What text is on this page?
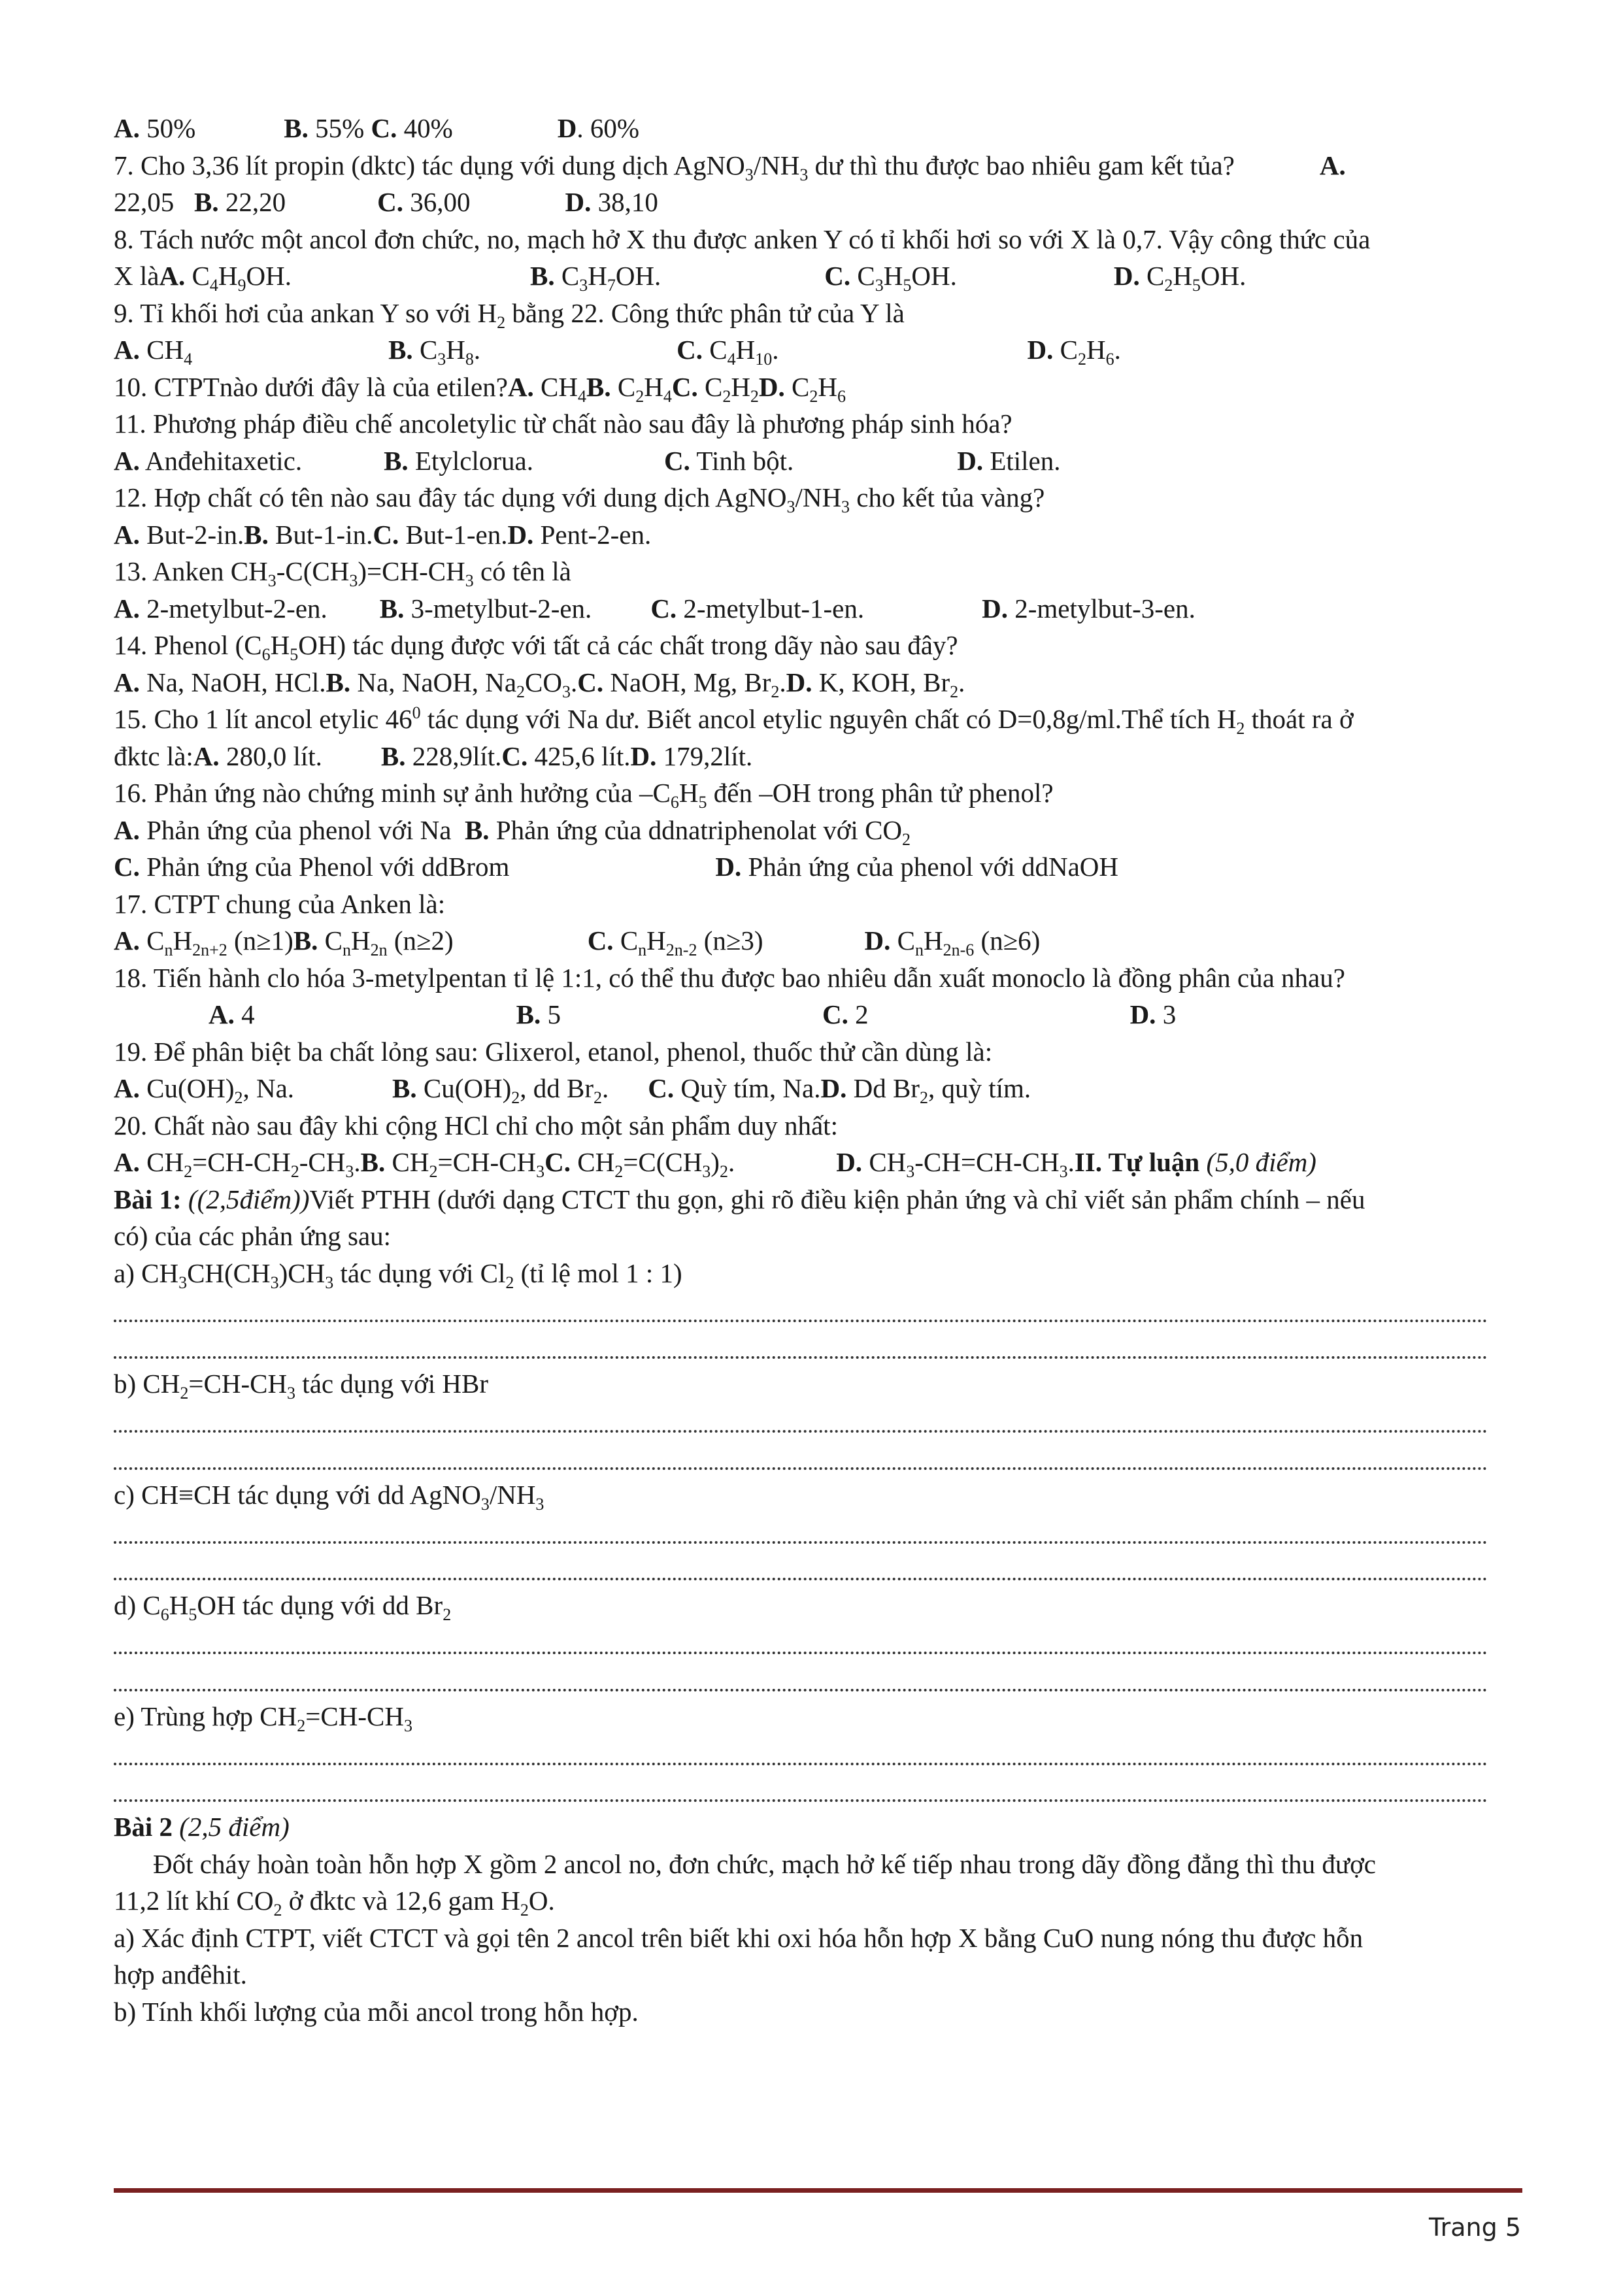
A. 50%	B. 55% C. 40%	D. 60%
7. Cho 3,36 lít propin (dktc) tác dụng với dung dịch $AgNO_3/NH_3$ dư thì thu được bao nhiêu gam kết tủa?	A.
22,05 B. 22,20	C. 36,00	D. 38,10
8. Tách nước một ancol đơn chức, no, mạch hở X thu được anken Y có tỉ khối hơi so với X là 0,7. Vậy công thức của
X làA. $C_4H_9OH$.	B. $C_3H_7OH$.	C. $C_3H_5OH$.	D. $C_2H_5OH$.
9. Tỉ khối hơi của ankan Y so với $H_2$ bằng 22. Công thức phân tử của Y là
A. $CH_4$	B. $C_3H_8$.	C. $C_4H_{10}$.	D. $C_2H_6$.
10. CTPTnào dưới đây là của etilen?A. $CH_4B$. $C_2H_4C$. $C_2H_2D$. $C_2H_6$
11. Phương pháp điều chế ancoletylic từ chất nào sau đây là phương pháp sinh hóa?
A. Anđehitaxetic.	B. Etylclorua.	C. Tinh bột.	D. Etilen.
12. Hợp chất có tên nào sau đây tác dụng với dung dịch $AgNO_3/NH_3$ cho kết tủa vàng?
A. But-2-in.B. But-1-in.C. But-1-en.D. Pent-2-en.
13. Anken $CH_3-C(CH_3)=CH-CH_3$ có tên là
A. 2-metylbut-2-en. B. 3-metylbut-2-en. C. 2-metylbut-1-en.	D. 2-metylbut-3-en.
14. Phenol $(C_6H_5OH)$ tác dụng được với tất cả các chất trong dãy nào sau đây?
A. Na, NaOH, HCl.B. Na, NaOH, $Na_2CO_3.C$. NaOH, Mg, $Br_2.D$. K, KOH, $Br_2$.
15. Cho 1 lít ancol etylic $46^0$ tác dụng với Na dư. Biết ancol etylic nguyên chất có D=0,8g/ml.Thể tích $H_2$ thoát ra ở
đktc là:A. 280,0 lít. B. 228,9lít.C. 425,6 lít.D. 179,2lít.
16. Phản ứng nào chứng minh sự ảnh hưởng của $-C_6H_5$ đến –OH trong phân tử phenol?
A. Phản ứng của phenol với Na B. Phản ứng của ddnatriphenolat với $CO_2$
C. Phản ứng của Phenol với ddBrom	D. Phản ứng của phenol với ddNaOH
17. CTPT chung của Anken là:
A. $C_nH_{2n+2}$ (n≥1)B. $C_nH_{2n}$ (n≥2)	C. $C_nH_{2n-2}$ (n≥3)	D. $C_nH_{2n-6}$ (n≥6)
18. Tiến hành clo hóa 3-metylpentan tỉ lệ 1:1, có thể thu được bao nhiêu dẫn xuất monoclo là đồng phân của nhau?
A. 4	B. 5	C. 2	D. 3
19. Để phân biệt ba chất lỏng sau: Glixerol, etanol, phenol, thuốc thử cần dùng là:
A. $Cu(OH)_2$, Na.	B. $Cu(OH)_2$, dd $Br_2$. C. Quỳ tím, Na.D. Dd $Br_2$, quỳ tím.
20. Chất nào sau đây khi cộng HCl chỉ cho một sản phẩm duy nhất:
A. $CH_2=CH-CH_2-CH_3.B$. $CH_2=CH-CH_3C$. $CH_2=C(CH_3)_2$.	D. $CH_3-CH=CH-CH_3.II$. Tự luận (5,0 điểm)
Bài 1: ((2,5điểm))Viết PTHH (dưới dạng CTCT thu gọn, ghi rõ điều kiện phản ứng và chỉ viết sản phẩm chính – nếu
có) của các phản ứng sau:
a) $CH_3CH(CH_3)CH_3$ tác dụng với $Cl_2$ (tỉ lệ mol 1 : 1)
b) $CH_2=CH-CH_3$ tác dụng với HBr
c) CH≡CH tác dụng với dd $AgNO_3/NH_3$
d) $C_6H_5OH$ tác dụng với dd $Br_2$
e) Trùng hợp $CH_2=CH-CH_3$
Bài 2 (2,5 điểm)
Đốt cháy hoàn toàn hỗn hợp X gồm 2 ancol no, đơn chức, mạch hở kế tiếp nhau trong dãy đồng đẳng thì thu được
11,2 lít khí $CO_2$ ở đktc và 12,6 gam $H_2O$.
a) Xác định CTPT, viết CTCT và gọi tên 2 ancol trên biết khi oxi hóa hỗn hợp X bằng CuO nung nóng thu được hỗn
hợp anđêhit.
b) Tính khối lượng của mỗi ancol trong hỗn hợp.
Trang 5
